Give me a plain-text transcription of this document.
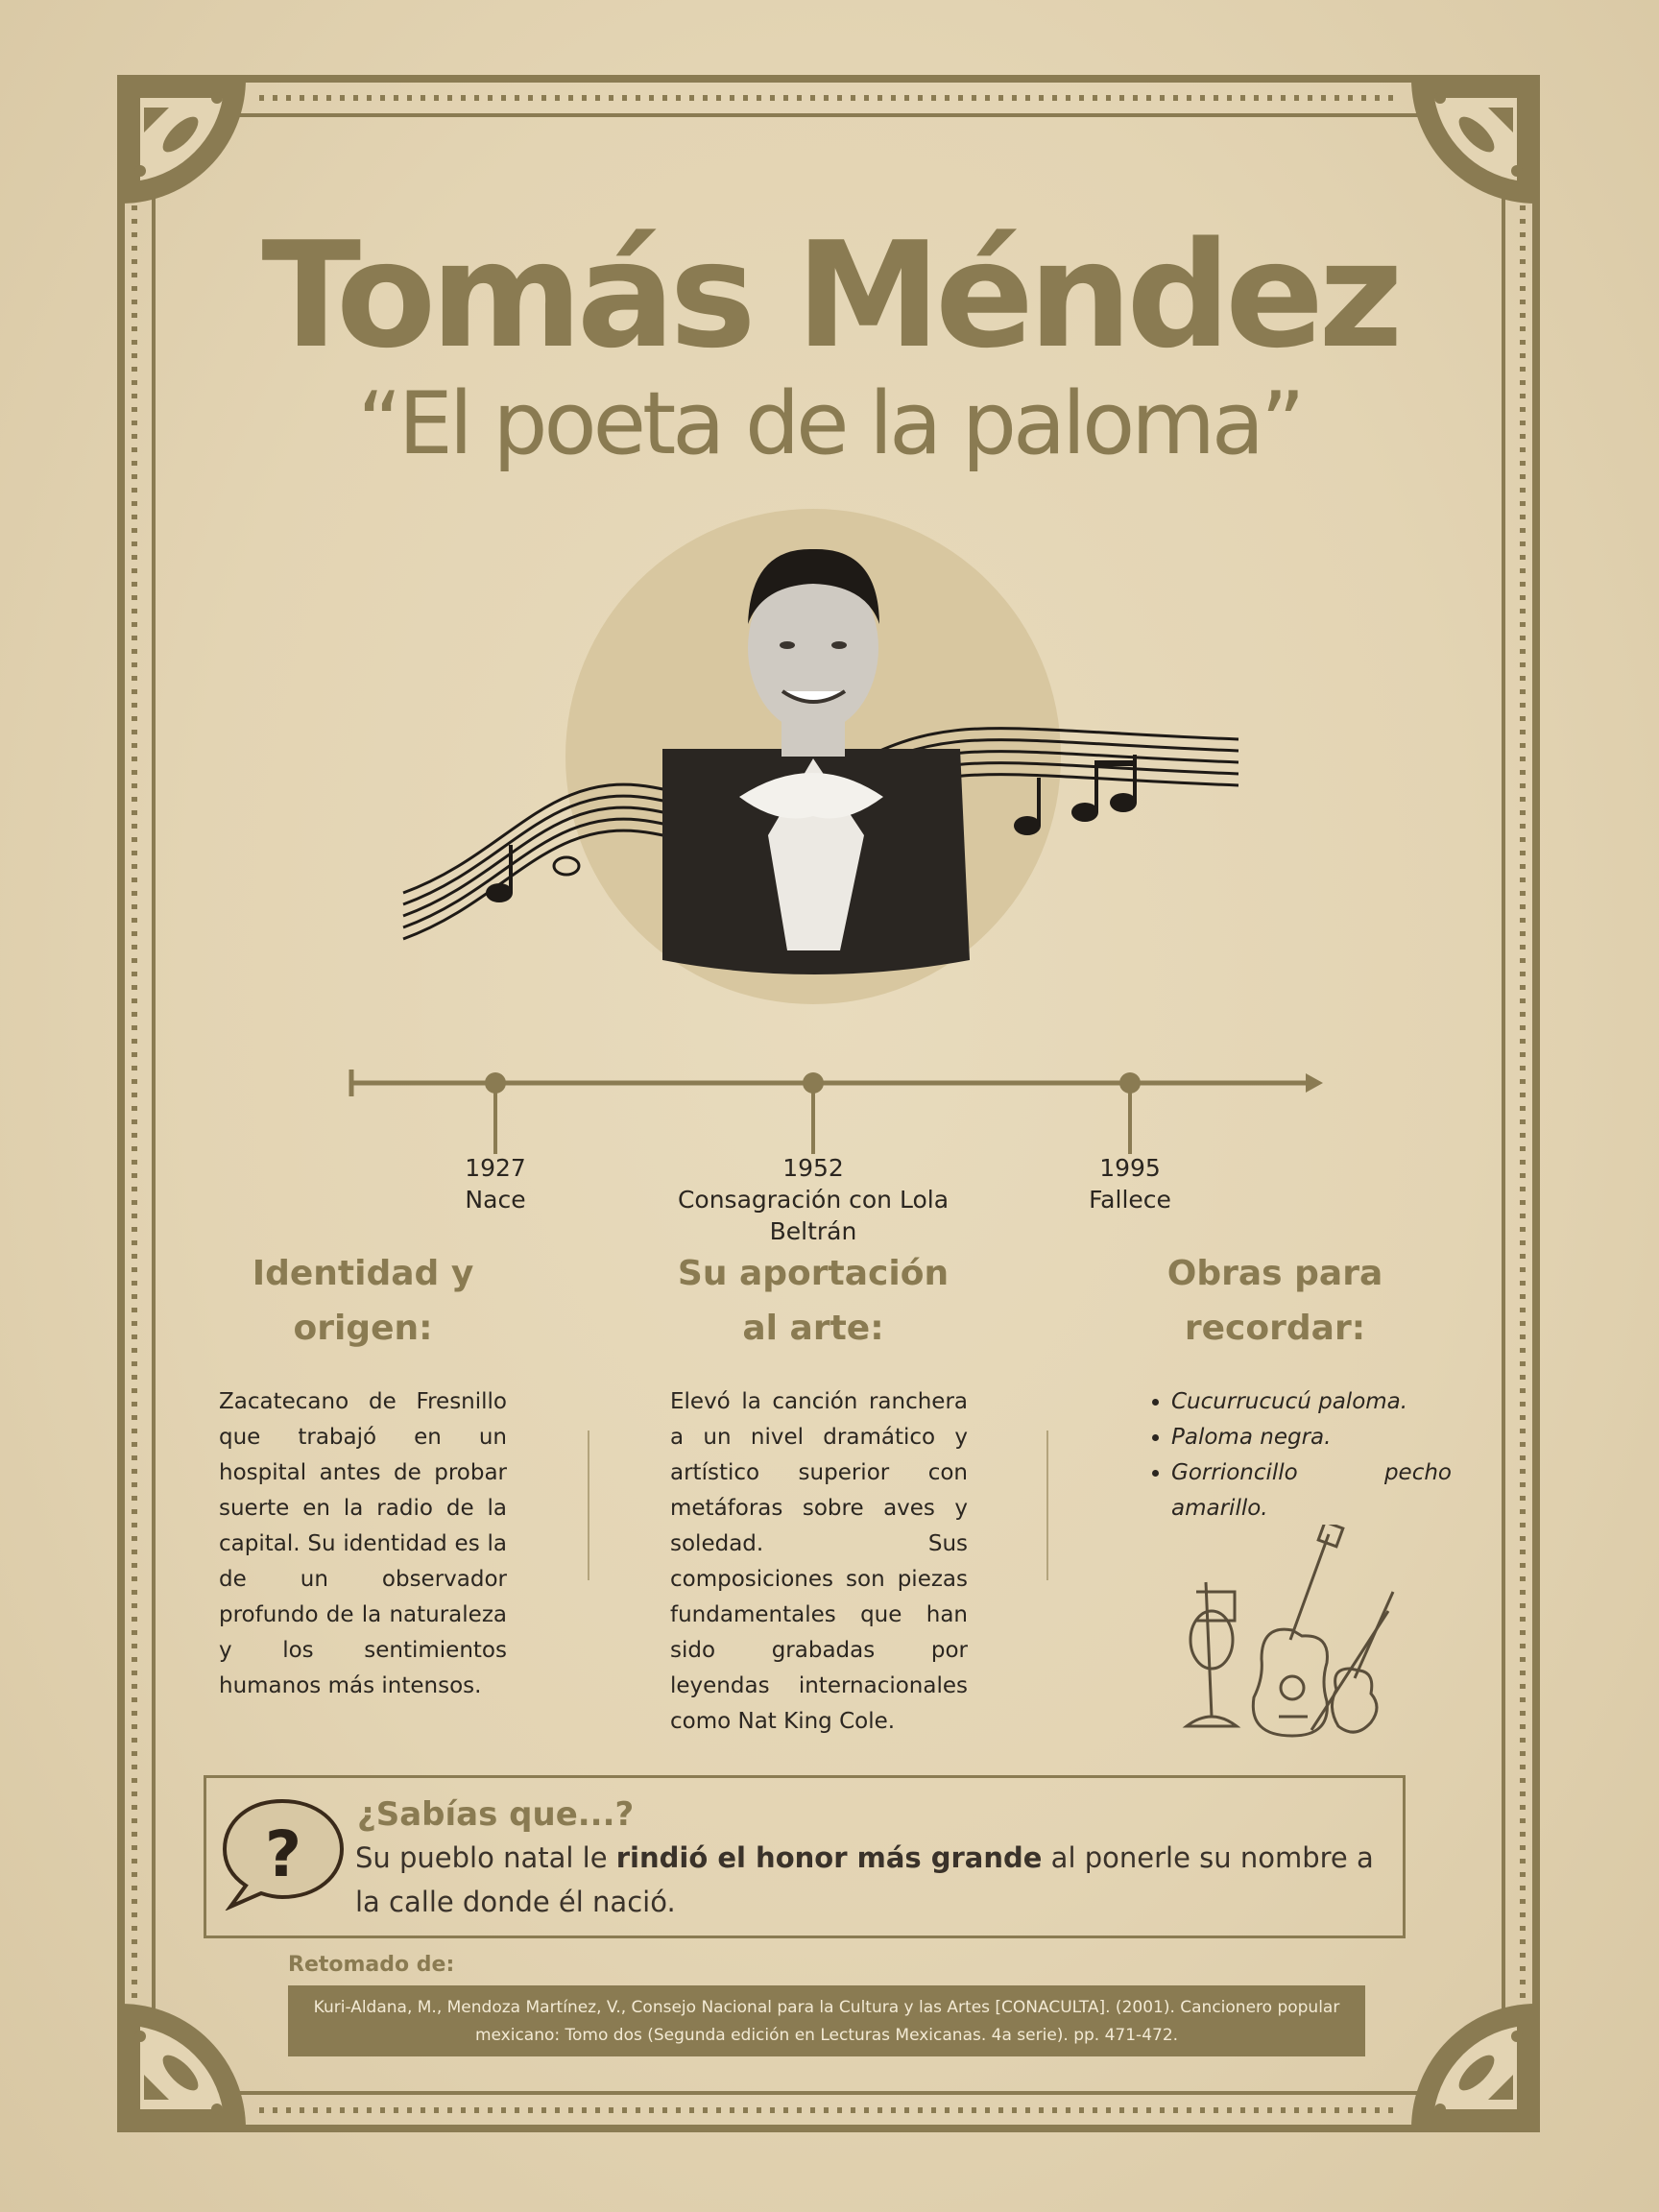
Tomás Méndez
“El poeta de la paloma”
1927
Nace
1952
Consagración con Lola Beltrán
1995
Fallece
Identidad y
origen:
Zacatecano de Fresnillo que trabajó en un hospital antes de probar suerte en la radio de la capital. Su identidad es la de un observador profundo de la naturaleza y los sentimientos humanos más intensos.
Su aportación
al arte:
Elevó la canción ranchera a un nivel dramático y artístico superior con metáforas sobre aves y soledad. Sus composiciones son piezas fundamentales que han sido grabadas por leyendas internacionales como Nat King Cole.
Obras para
recordar:
• Cucurrucucú paloma.
• Paloma negra.
• Gorrioncillo pecho amarillo.
?
¿Sabías que...?
Su pueblo natal le rindió el honor más grande al ponerle su nombre a la calle donde él nació.
Retomado de:
Kuri-Aldana, M., Mendoza Martínez, V., Consejo Nacional para la Cultura y las Artes [CONACULTA]. (2001). Cancionero popular mexicano: Tomo dos (Segunda edición en Lecturas Mexicanas. 4a serie). pp. 471-472.
